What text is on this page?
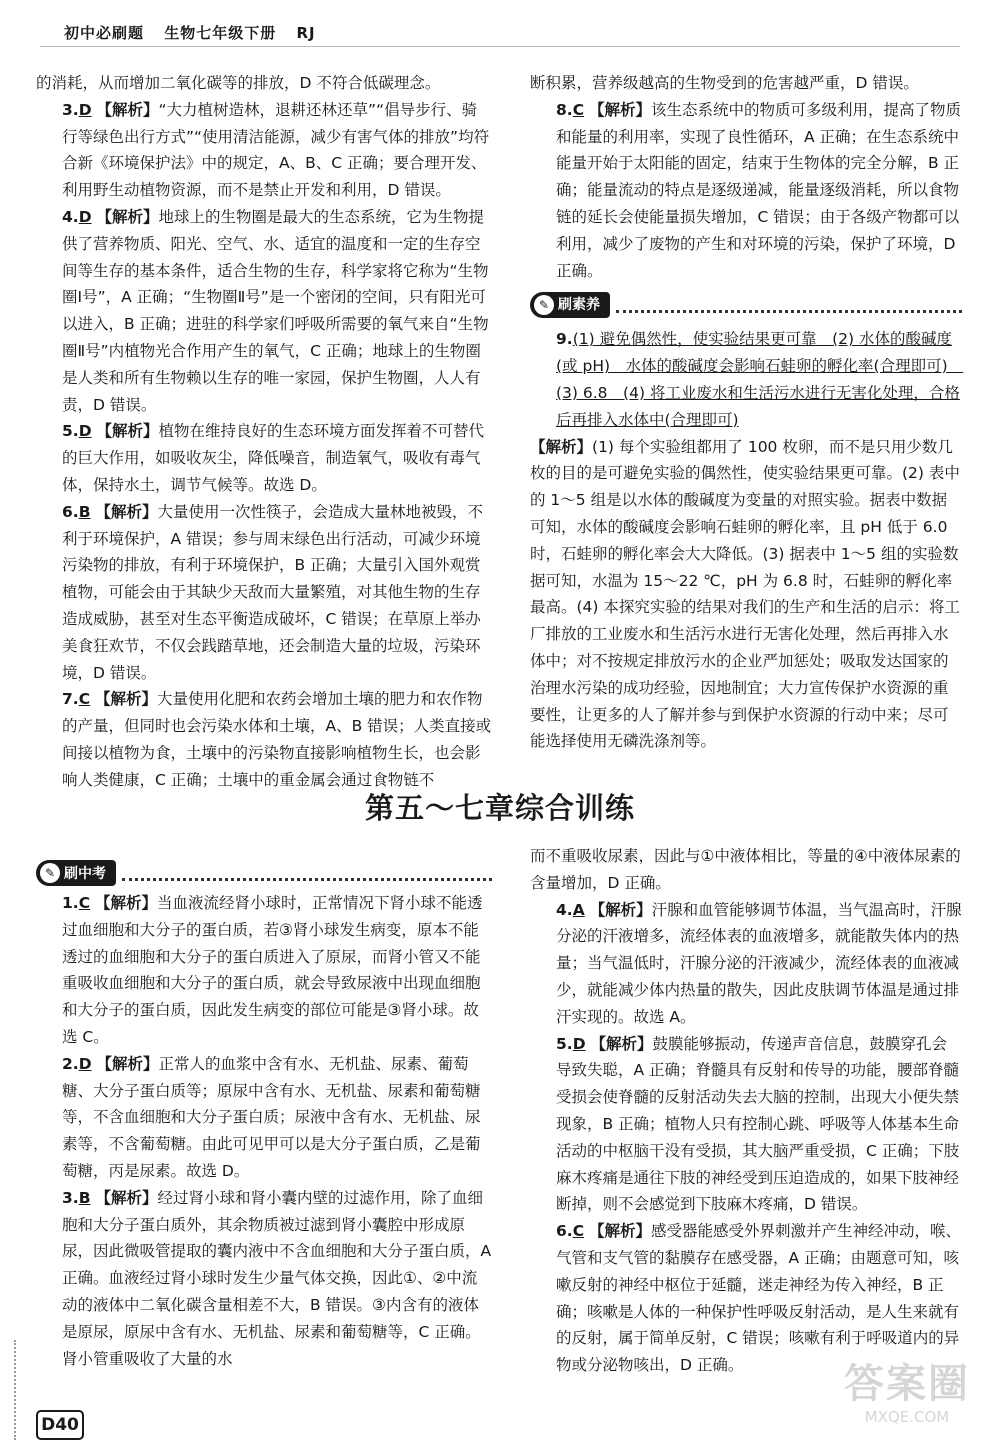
初中必刷题 生物七年级下册 RJ

的消耗，从而增加二氧化碳等的排放，D 不符合低碳理念。

3.D 【解析】“大力植树造林，退耕还林还草”“倡导步行、骑行等绿色出行方式”“使用清洁能源，减少有害气体的排放”均符合新《环境保护法》中的规定，A、B、C 正确；要合理开发、利用野生动植物资源，而不是禁止开发和利用，D 错误。

4.D 【解析】地球上的生物圈是最大的生态系统，它为生物提供了营养物质、阳光、空气、水、适宜的温度和一定的生存空间等生存的基本条件，适合生物的生存，科学家将它称为“生物圈Ⅰ号”，A 正确；“生物圈Ⅱ号”是一个密闭的空间，只有阳光可以进入，B 正确；进驻的科学家们呼吸所需要的氧气来自“生物圈Ⅱ号”内植物光合作用产生的氧气，C 正确；地球上的生物圈是人类和所有生物赖以生存的唯一家园，保护生物圈，人人有责，D 错误。

5.D 【解析】植物在维持良好的生态环境方面发挥着不可替代的巨大作用，如吸收灰尘，降低噪音，制造氧气，吸收有毒气体，保持水土，调节气候等。故选 D。

6.B 【解析】大量使用一次性筷子，会造成大量林地被毁，不利于环境保护，A 错误；参与周末绿色出行活动，可减少环境污染物的排放，有利于环境保护，B 正确；大量引入国外观赏植物，可能会由于其缺少天敌而大量繁殖，对其他生物的生存造成威胁，甚至对生态平衡造成破坏，C 错误；在草原上举办美食狂欢节，不仅会践踏草地，还会制造大量的垃圾，污染环境，D 错误。

7.C 【解析】大量使用化肥和农药会增加土壤的肥力和农作物的产量，但同时也会污染水体和土壤，A、B 错误；人类直接或间接以植物为食，土壤中的污染物直接影响植物生长，也会影响人类健康，C 正确；土壤中的重金属会通过食物链不

断积累，营养级越高的生物受到的危害越严重，D 错误。

8.C 【解析】该生态系统中的物质可多级利用，提高了物质和能量的利用率，实现了良性循环，A 正确；在生态系统中能量开始于太阳能的固定，结束于生物体的完全分解，B 正确；能量流动的特点是逐级递减，能量逐级消耗，所以食物链的延长会使能量损失增加，C 错误；由于各级产物都可以利用，减少了废物的产生和对环境的污染，保护了环境，D 正确。

✎ 刷素养

9.(1) 避免偶然性，使实验结果更可靠　(2) 水体的酸碱度(或 pH)　水体的酸碱度会影响石蛙卵的孵化率(合理即可)　(3) 6.8　(4) 将工业废水和生活污水进行无害化处理，合格后再排入水体中(合理即可)

【解析】(1) 每个实验组都用了 100 枚卵，而不是只用少数几枚的目的是可避免实验的偶然性，使实验结果更可靠。(2) 表中的 1～5 组是以水体的酸碱度为变量的对照实验。据表中数据可知，水体的酸碱度会影响石蛙卵的孵化率，且 pH 低于 6.0 时，石蛙卵的孵化率会大大降低。(3) 据表中 1～5 组的实验数据可知，水温为 15～22 ℃，pH 为 6.8 时，石蛙卵的孵化率最高。(4) 本探究实验的结果对我们的生产和生活的启示：将工厂排放的工业废水和生活污水进行无害化处理，然后再排入水体中；对不按规定排放污水的企业严加惩处；吸取发达国家的治理水污染的成功经验，因地制宜；大力宣传保护水资源的重要性，让更多的人了解并参与到保护水资源的行动中来；尽可能选择使用无磷洗涤剂等。

第五～七章综合训练

1.C 【解析】当血液流经肾小球时，正常情况下肾小球不能透过血细胞和大分子的蛋白质，若③肾小球发生病变，原本不能透过的血细胞和大分子的蛋白质进入了原尿，而肾小管又不能重吸收血细胞和大分子的蛋白质，就会导致尿液中出现血细胞和大分子的蛋白质，因此发生病变的部位可能是③肾小球。故选 C。

2.D 【解析】正常人的血浆中含有水、无机盐、尿素、葡萄糖、大分子蛋白质等；原尿中含有水、无机盐、尿素和葡萄糖等，不含血细胞和大分子蛋白质；尿液中含有水、无机盐、尿素等，不含葡萄糖。由此可见甲可以是大分子蛋白质，乙是葡萄糖，丙是尿素。故选 D。

3.B 【解析】经过肾小球和肾小囊内壁的过滤作用，除了血细胞和大分子蛋白质外，其余物质被过滤到肾小囊腔中形成原尿，因此微吸管提取的囊内液中不含血细胞和大分子蛋白质，A 正确。血液经过肾小球时发生少量气体交换，因此①、②中流动的液体中二氧化碳含量相差不大，B 错误。③内含有的液体是原尿，原尿中含有水、无机盐、尿素和葡萄糖等，C 正确。肾小管重吸收了大量的水

✎ 刷中考

而不重吸收尿素，因此与①中液体相比，等量的④中液体尿素的含量增加，D 正确。

4.A 【解析】汗腺和血管能够调节体温，当气温高时，汗腺分泌的汗液增多，流经体表的血液增多，就能散失体内的热量；当气温低时，汗腺分泌的汗液减少，流经体表的血液减少，就能减少体内热量的散失，因此皮肤调节体温是通过排汗实现的。故选 A。

5.D 【解析】鼓膜能够振动，传递声音信息，鼓膜穿孔会导致失聪，A 正确；脊髓具有反射和传导的功能，腰部脊髓受损会使脊髓的反射活动失去大脑的控制，出现大小便失禁现象，B 正确；植物人只有控制心跳、呼吸等人体基本生命活动的中枢脑干没有受损，其大脑严重受损，C 正确；下肢麻木疼痛是通往下肢的神经受到压迫造成的，如果下肢神经断掉，则不会感觉到下肢麻木疼痛，D 错误。

6.C 【解析】感受器能感受外界刺激并产生神经冲动，喉、气管和支气管的黏膜存在感受器，A 正确；由题意可知，咳嗽反射的神经中枢位于延髓，迷走神经为传入神经，B 正确；咳嗽是人体的一种保护性呼吸反射活动，是人生来就有的反射，属于简单反射，C 错误；咳嗽有利于呼吸道内的异物或分泌物咳出，D 正确。

D40
答案圈
MXQE.COM
